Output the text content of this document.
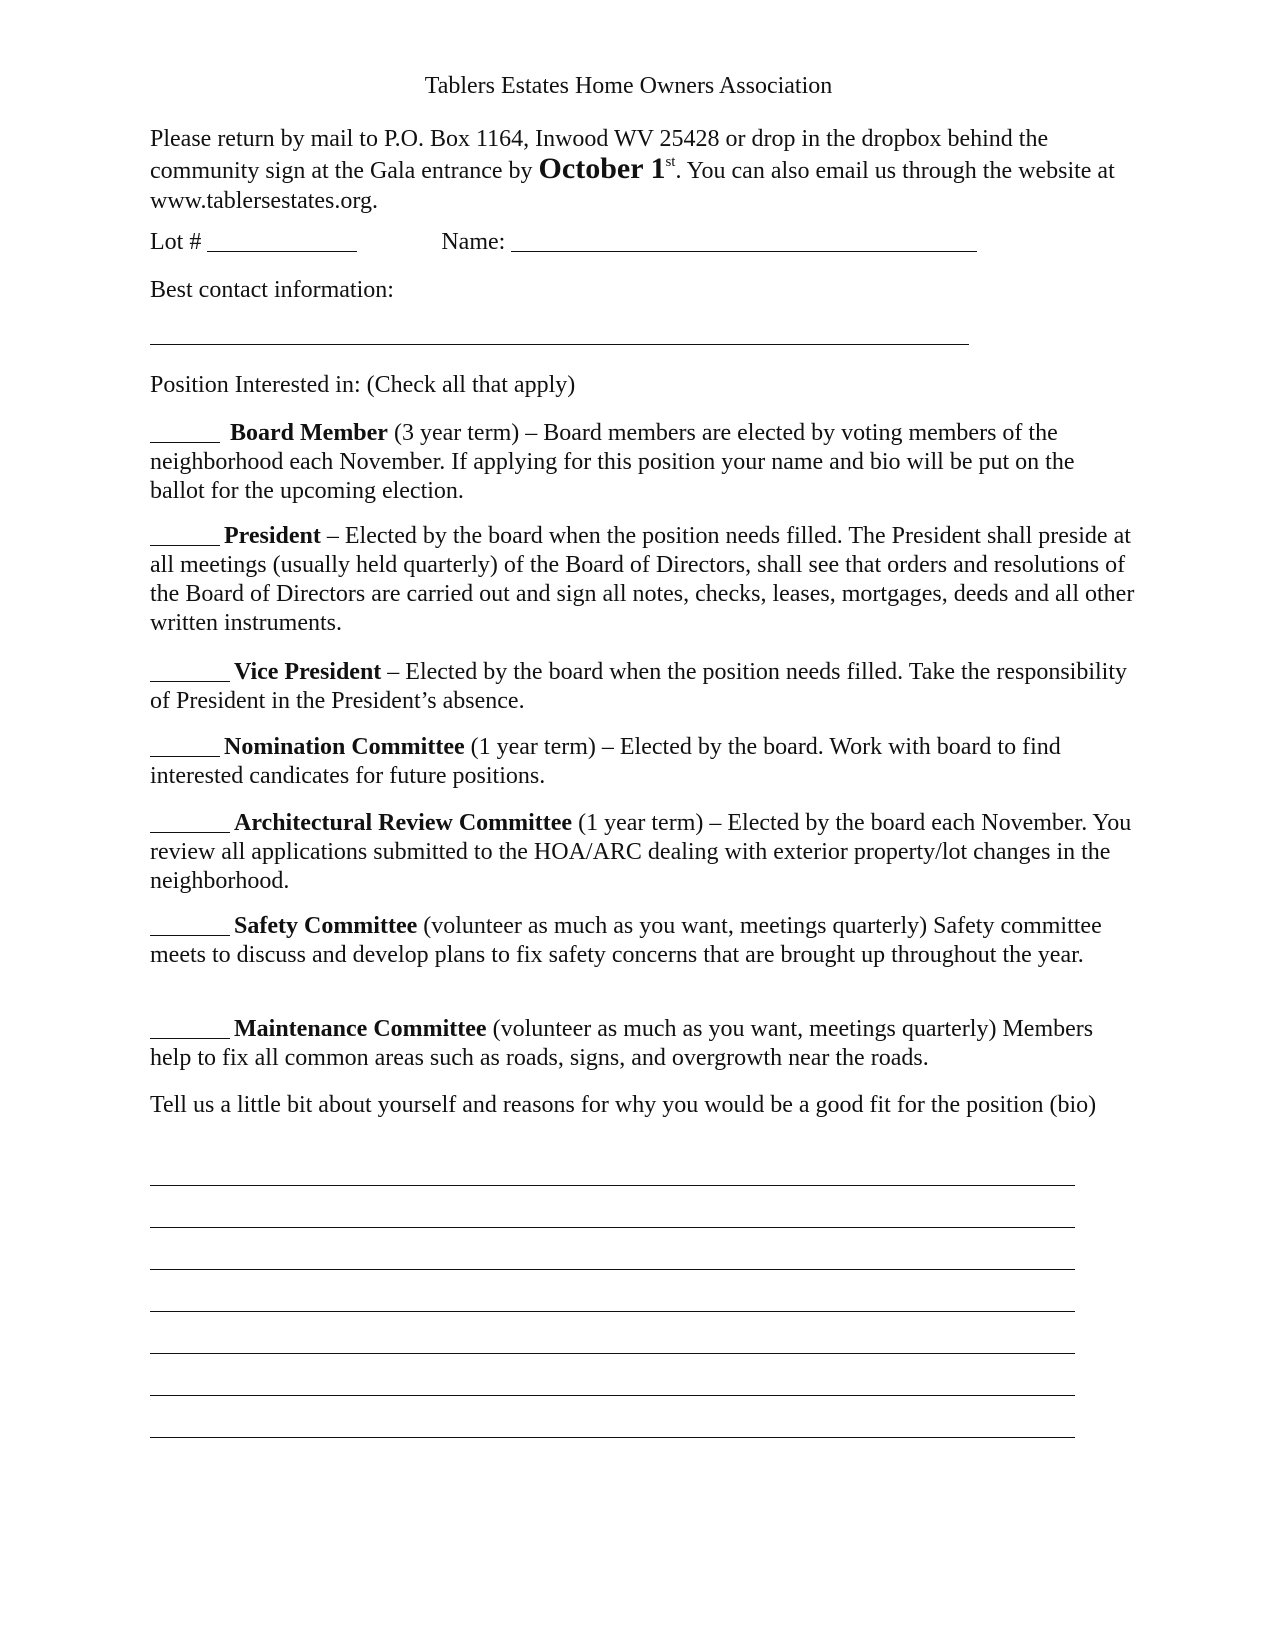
Tablers Estates Home Owners Association
Please return by mail to P.O. Box 1164, Inwood WV 25428 or drop in the dropbox behind the community sign at the Gala entrance by October 1st. You can also email us through the website at www.tablersestates.org.
Lot #	Name:
Best contact information:
Position Interested in: (Check all that apply)
Board Member (3 year term) – Board members are elected by voting members of the neighborhood each November. If applying for this position your name and bio will be put on the ballot for the upcoming election.
President – Elected by the board when the position needs filled. The President shall preside at all meetings (usually held quarterly) of the Board of Directors, shall see that orders and resolutions of the Board of Directors are carried out and sign all notes, checks, leases, mortgages, deeds and all other written instruments.
Vice President – Elected by the board when the position needs filled. Take the responsibility of President in the President’s absence.
Nomination Committee (1 year term) – Elected by the board. Work with board to find interested candicates for future positions.
Architectural Review Committee (1 year term) – Elected by the board each November. You review all applications submitted to the HOA/ARC dealing with exterior property/lot changes in the neighborhood.
Safety Committee (volunteer as much as you want, meetings quarterly) Safety committee meets to discuss and develop plans to fix safety concerns that are brought up throughout the year.
Maintenance Committee (volunteer as much as you want, meetings quarterly) Members help to fix all common areas such as roads, signs, and overgrowth near the roads.
Tell us a little bit about yourself and reasons for why you would be a good fit for the position (bio)
